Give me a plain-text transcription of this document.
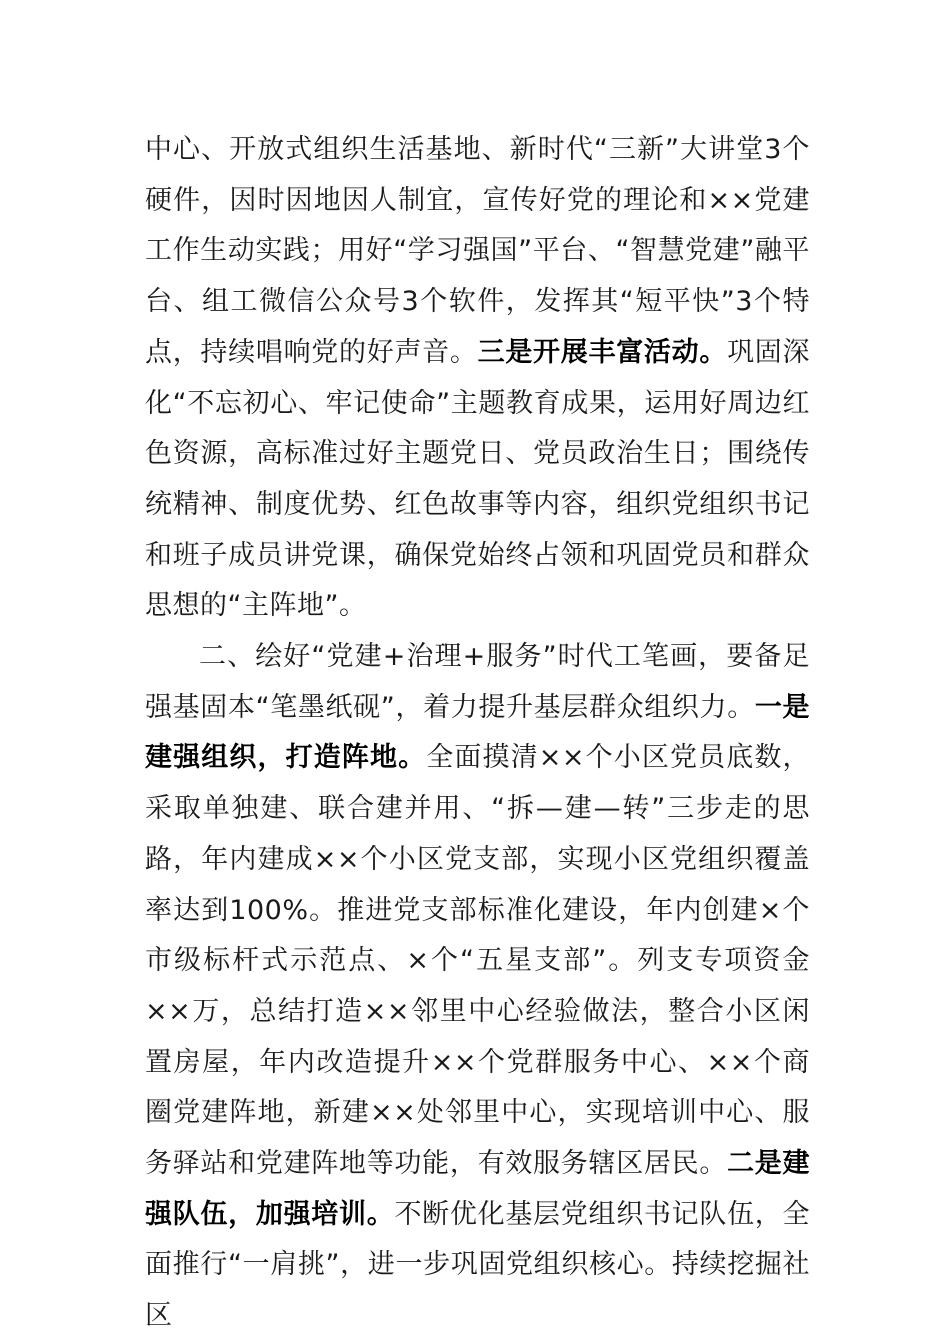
中心、开放式组织生活基地、新时代“三新”大讲堂3个硬件，因时因地因人制宜，宣传好党的理论和××党建工作生动实践；用好“学习强国”平台、“智慧党建”融平台、组工微信公众号3个软件，发挥其“短平快”3个特点，持续唱响党的好声音。三是开展丰富活动。巩固深化“不忘初心、牢记使命”主题教育成果，运用好周边红色资源，高标准过好主题党日、党员政治生日；围绕传统精神、制度优势、红色故事等内容，组织党组织书记和班子成员讲党课，确保党始终占领和巩固党员和群众思想的“主阵地”。

二、绘好“党建+治理+服务”时代工笔画，要备足强基固本“笔墨纸砚”，着力提升基层群众组织力。一是建强组织，打造阵地。全面摸清××个小区党员底数，采取单独建、联合建并用、“拆—建—转”三步走的思路，年内建成××个小区党支部，实现小区党组织覆盖率达到100%。推进党支部标准化建设，年内创建×个市级标杆式示范点、×个“五星支部”。列支专项资金××万，总结打造××邻里中心经验做法，整合小区闲置房屋，年内改造提升××个党群服务中心、××个商圈党建阵地，新建××处邻里中心，实现培训中心、服务驿站和党建阵地等功能，有效服务辖区居民。二是建强队伍，加强培训。不断优化基层党组织书记队伍，全面推行“一肩挑”，进一步巩固党组织核心。持续挖掘社区
